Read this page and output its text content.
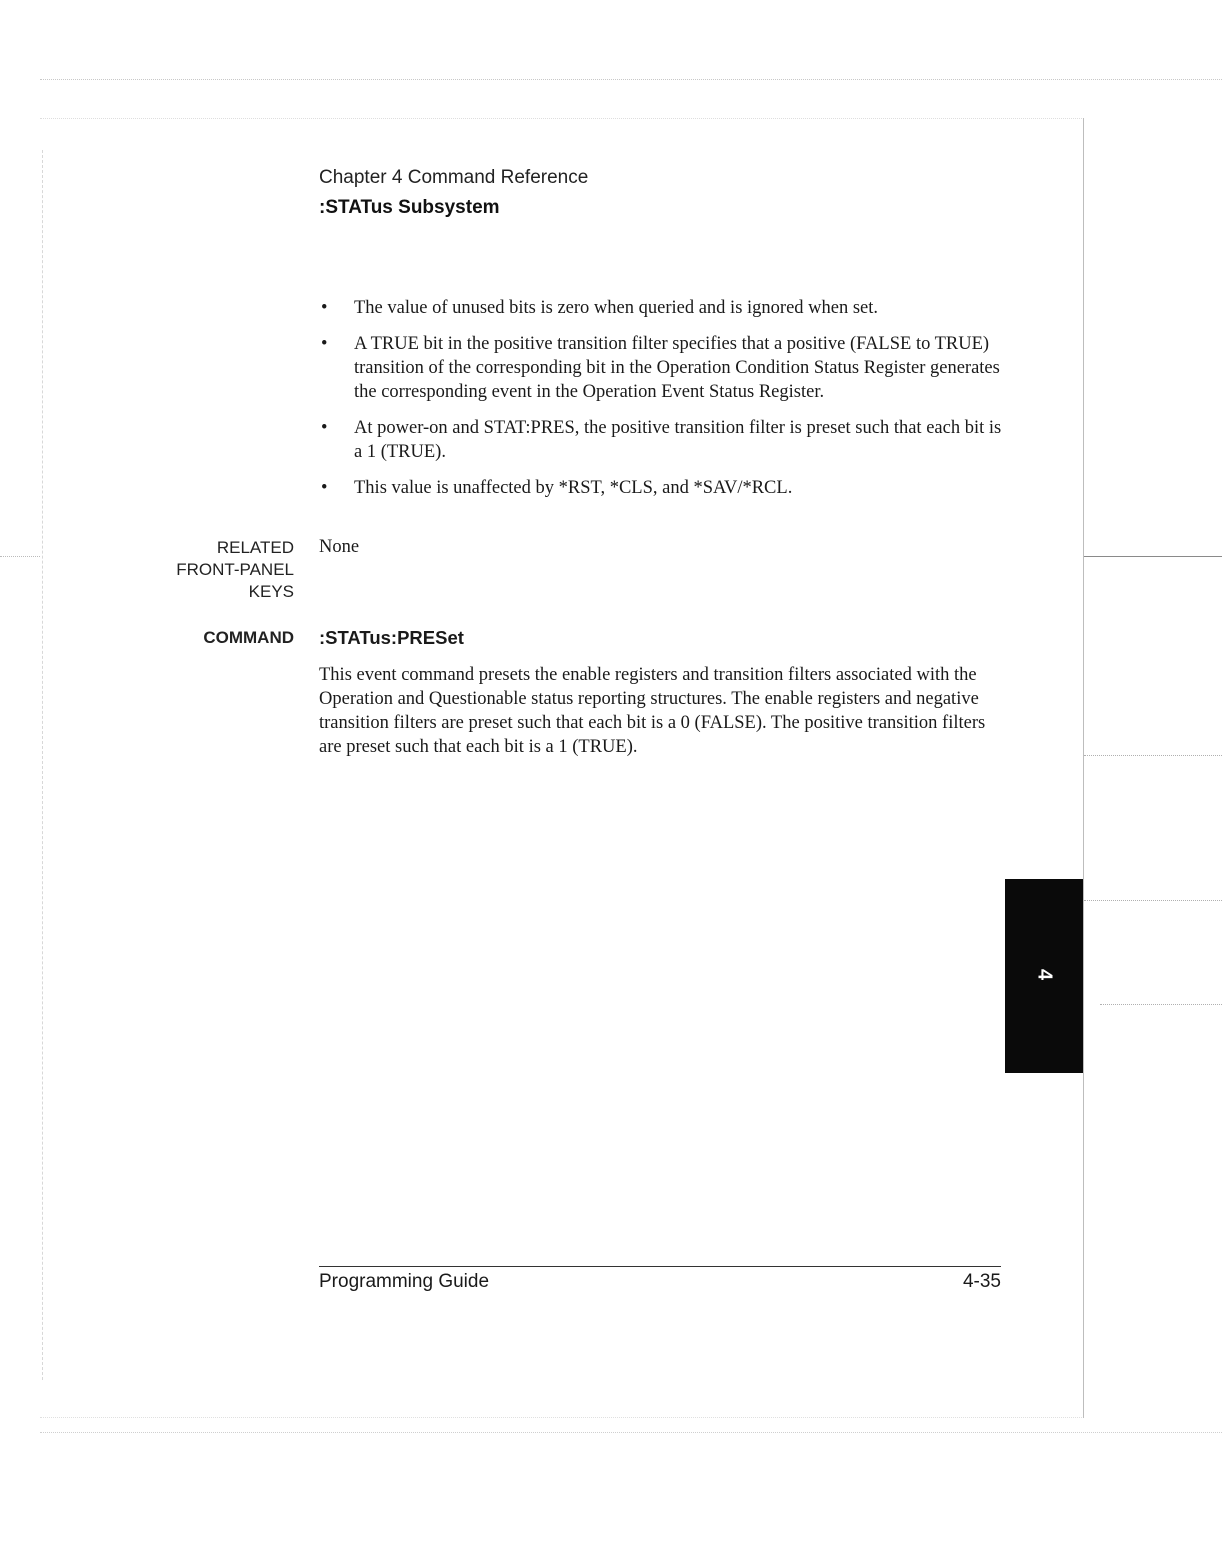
Chapter 4 Command Reference

:STATus Subsystem

• The value of unused bits is zero when queried and is ignored when set.
• A TRUE bit in the positive transition filter specifies that a positive (FALSE to TRUE) transition of the corresponding bit in the Operation Condition Status Register generates the corresponding event in the Operation Event Status Register.
• At power-on and STAT:PRES, the positive transition filter is preset such that each bit is a 1 (TRUE).
• This value is unaffected by *RST, *CLS, and *SAV/*RCL.
RELATED
FRONT-PANEL
KEYS
None
COMMAND :STATus:PRESet

This event command presets the enable registers and transition filters associated with the Operation and Questionable status reporting structures. The enable registers and negative transition filters are preset such that each bit is a 0 (FALSE). The positive transition filters are preset such that each bit is a 1 (TRUE).

4
Programming Guide	4-35
